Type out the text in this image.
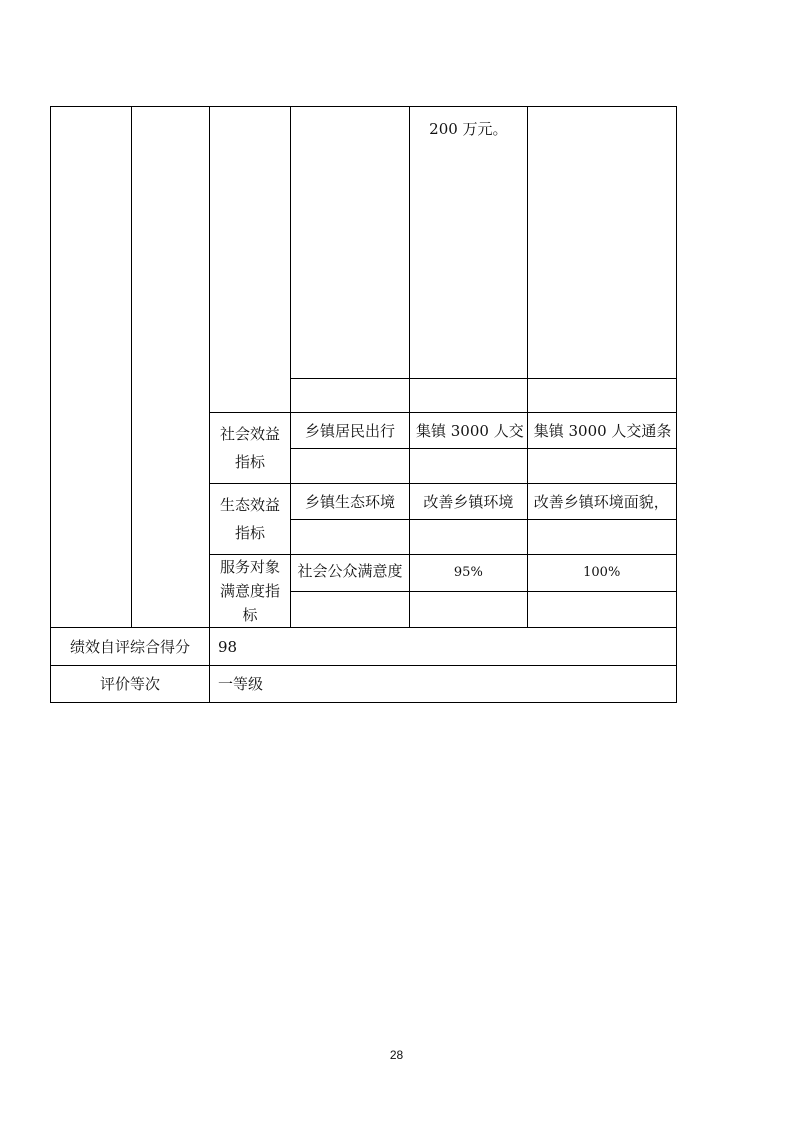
				200 万元。	

		社会效益指标	乡镇居民出行	集镇 3000 人交	集镇 3000 人交通条

		生态效益指标	乡镇生态环境	改善乡镇环境	改善乡镇环境面貌，

		服务对象满意度指标	社会公众满意度	95%	100%

绩效自评综合得分		98			

评价等次		一等级			
28
